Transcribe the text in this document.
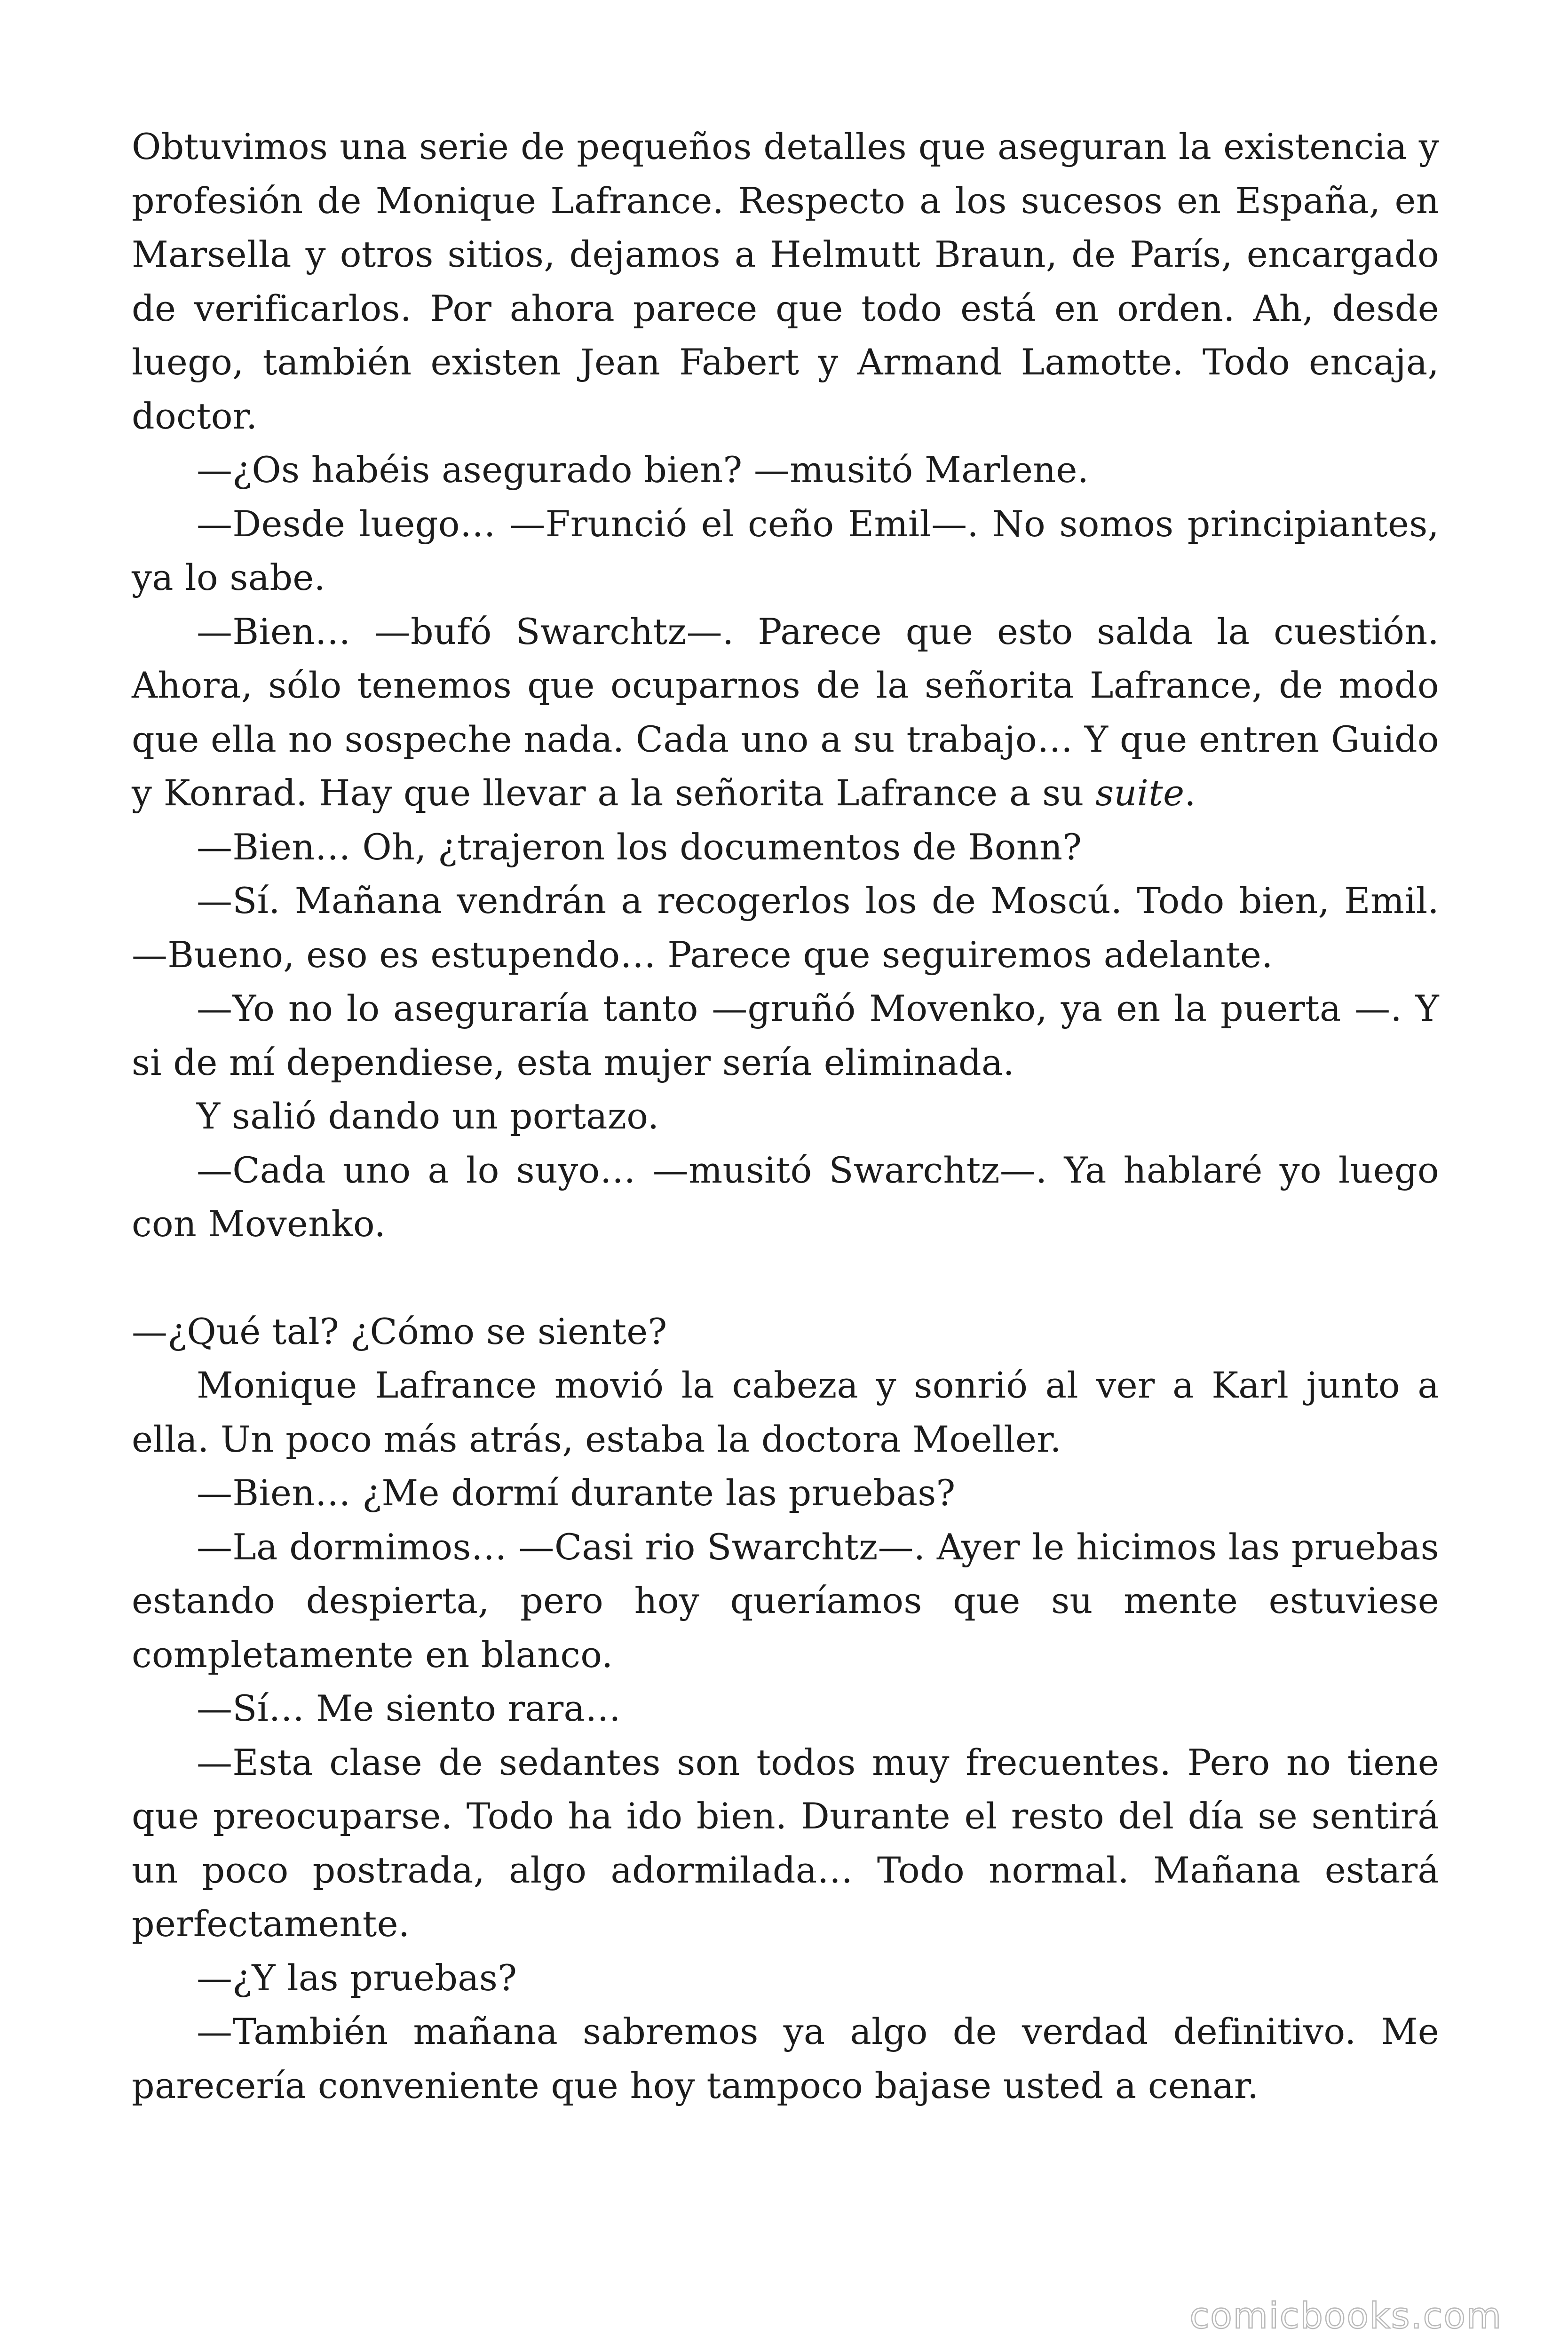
Obtuvimos una serie de pequeños detalles que aseguran la existencia y profesión de Monique Lafrance. Respecto a los sucesos en España, en Marsella y otros sitios, dejamos a Helmutt Braun, de París, encargado de verificarlos. Por ahora parece que todo está en orden. Ah, desde luego, también existen Jean Fabert y Armand Lamotte. Todo encaja, doctor.

—¿Os habéis asegurado bien? —musitó Marlene.

—Desde luego… —Frunció el ceño Emil—. No somos principiantes, ya lo sabe.

—Bien… —bufó Swarchtz—. Parece que esto salda la cuestión. Ahora, sólo tenemos que ocuparnos de la señorita Lafrance, de modo que ella no sospeche nada. Cada uno a su trabajo… Y que entren Guido y Konrad. Hay que llevar a la señorita Lafrance a su suite.

—Bien… Oh, ¿trajeron los documentos de Bonn?

—Sí. Mañana vendrán a recogerlos los de Moscú. Todo bien, Emil. —Bueno, eso es estupendo… Parece que seguiremos adelante.

—Yo no lo aseguraría tanto —gruñó Movenko, ya en la puerta —. Y si de mí dependiese, esta mujer sería eliminada.

Y salió dando un portazo.

—Cada uno a lo suyo… —musitó Swarchtz—. Ya hablaré yo luego con Movenko.

—¿Qué tal? ¿Cómo se siente?

Monique Lafrance movió la cabeza y sonrió al ver a Karl junto a ella. Un poco más atrás, estaba la doctora Moeller.

—Bien… ¿Me dormí durante las pruebas?

—La dormimos… —Casi rio Swarchtz—. Ayer le hicimos las pruebas estando despierta, pero hoy queríamos que su mente estuviese completamente en blanco.

—Sí… Me siento rara…

—Esta clase de sedantes son todos muy frecuentes. Pero no tiene que preocuparse. Todo ha ido bien. Durante el resto del día se sentirá un poco postrada, algo adormilada… Todo normal. Mañana estará perfectamente.

—¿Y las pruebas?

—También mañana sabremos ya algo de verdad definitivo. Me parecería conveniente que hoy tampoco bajase usted a cenar.

comicbooks.com
